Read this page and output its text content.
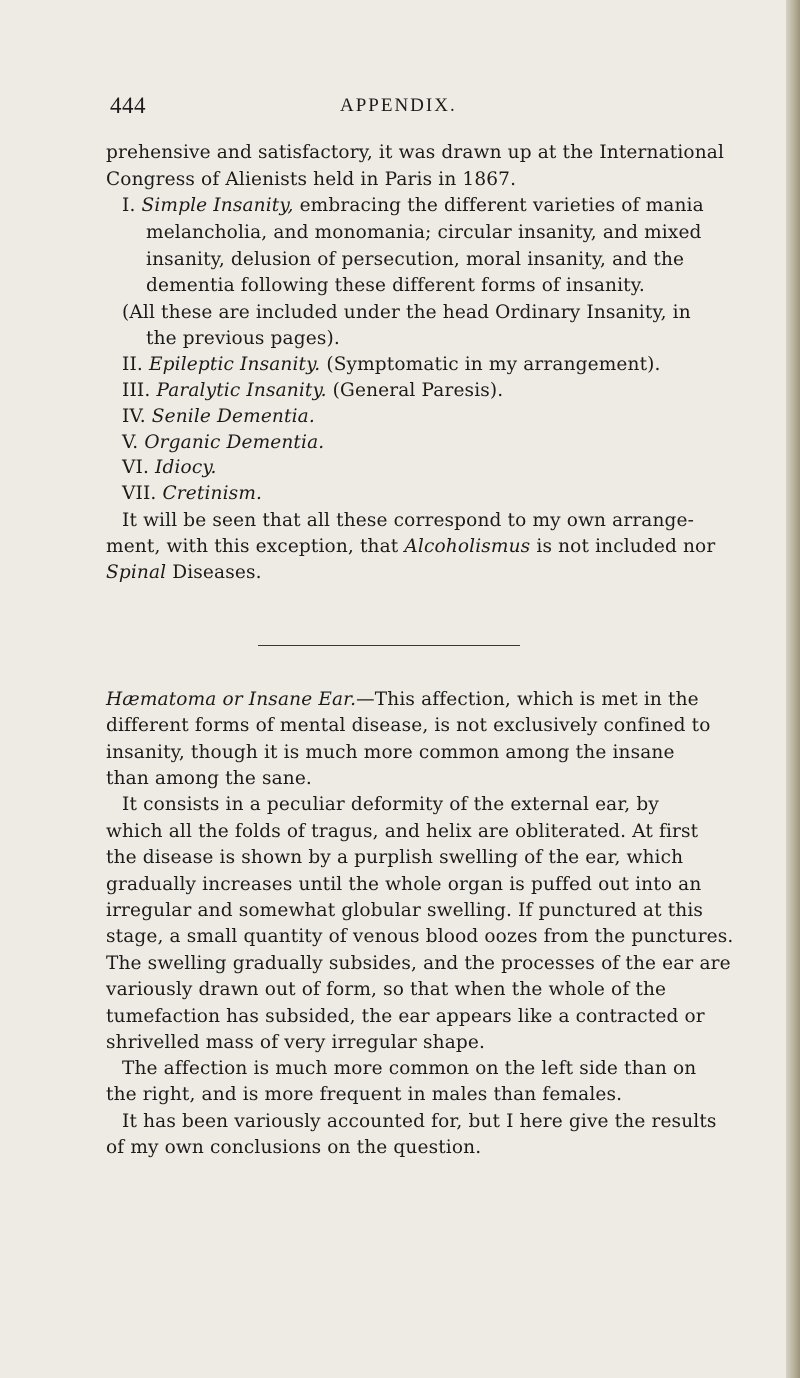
444	APPENDIX.
prehensive and satisfactory, it was drawn up at the International
Congress of Alienists held in Paris in 1867.
I. Simple Insanity, embracing the different varieties of mania
melancholia, and monomania; circular insanity, and mixed
insanity, delusion of persecution, moral insanity, and the
dementia following these different forms of insanity.
(All these are included under the head Ordinary Insanity, in
the previous pages).
II. Epileptic Insanity. (Symptomatic in my arrangement).
III. Paralytic Insanity. (General Paresis).
IV. Senile Dementia.
V. Organic Dementia.
VI. Idiocy.
VII. Cretinism.
It will be seen that all these correspond to my own arrange-
ment, with this exception, that Alcoholismus is not included nor
Spinal Diseases.
Hæmatoma or Insane Ear.—This affection, which is met in the
different forms of mental disease, is not exclusively confined to
insanity, though it is much more common among the insane
than among the sane.
It consists in a peculiar deformity of the external ear, by
which all the folds of tragus, and helix are obliterated. At first
the disease is shown by a purplish swelling of the ear, which
gradually increases until the whole organ is puffed out into an
irregular and somewhat globular swelling. If punctured at this
stage, a small quantity of venous blood oozes from the punctures.
The swelling gradually subsides, and the processes of the ear are
variously drawn out of form, so that when the whole of the
tumefaction has subsided, the ear appears like a contracted or
shrivelled mass of very irregular shape.
The affection is much more common on the left side than on
the right, and is more frequent in males than females.
It has been variously accounted for, but I here give the results
of my own conclusions on the question.
